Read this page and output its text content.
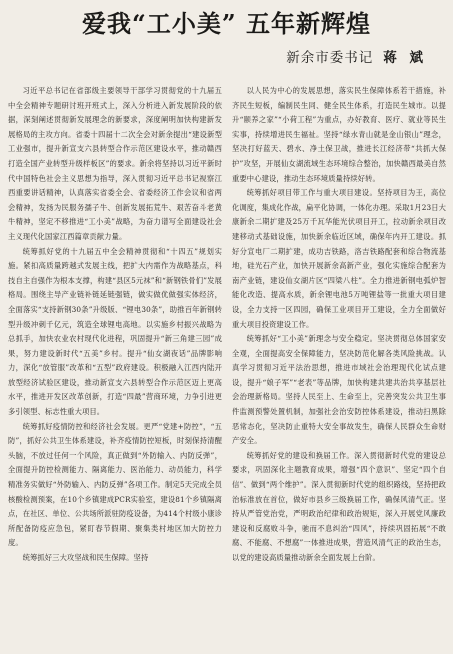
爱我“工小美” 五年新辉煌
新余市委书记 蒋 斌

习近平总书记在省部级主要领导干部学习贯彻党的十九届五中全会精神专题研讨班开班式上，深入分析进入新发展阶段的依据，深刻阐述贯彻新发展理念的新要求，深度阐明加快构建新发展格局的主攻方向。省委十四届十二次全会对新余提出“建设新型工业强市，提升新宣支六县转型合作示范区建设水平，推动赣西打造全国产业转型升级样板区”的要求。新余将坚持以习近平新时代中国特色社会主义思想为指导，深入贯彻习近平总书记视察江西重要讲话精神，认真落实省委全会、省委经济工作会议和省两会精神，发扬为民服务孺子牛、创新发展拓荒牛、艰苦奋斗老黄牛精神，坚定不移推进“工小美”战略，为奋力谱写全面建设社会主义现代化国家江西篇章贡献力量。

统筹抓好党的十九届五中全会精神贯彻和“十四五”规划实施。紧扣高质量跨越式发展主线，把扩大内需作为战略基点，科技自主自强作为根本支撑，构建“县区5元袜”和“新钢铁骨们”发展格局。围绕主导产业链补链延链强链，做实做优做强实体经济，全面落实“支持新钢30条”升级版、“锂电30条”，助推百年新钢转型升级冲刺千亿元，筑造全球锂电高地。以实施乡村振兴战略为总抓手，加快农业农村现代化进程，巩固提升“新三角建三园”成果，努力建设新时代“五美”乡村。提升“仙女湖夜话”品牌影响力，深化“放管服”改革和“五型”政府建设。积极融入江西内陆开放型经济试验区建设，推动新宣支六县转型合作示范区迈上更高水平，推进开发区改革创新，打造“四最”营商环境，力争引进更多引领型、标志性重大项目。

统筹抓好疫情防控和经济社会发展。更严“党建+防控”，“五防”，抓好公共卫生体系建设，补齐疫情防控短板，时刻保持清醒头脑，不放过任何一个风险，真正做到“外防输入、内防反弹”，全面提升防控检测能力、隔离能力、医治能力、动员能力，科学精准务实做好“外防输入、内防反弹”各项工作。制定5天完成全员核酸检测预案，在10个乡镇建成PCR实验室，建设81个乡镇隔离点，在社区、单位、公共场所派驻防疫设备，为414个村级小康诊所配备防疫应急包，紧盯春节假期、聚集类村地区加大防控力度。

统筹抓好三大攻坚战和民生保障。坚持

以人民为中心的发展思想，落实民生保障体系若干措施，补齐民生短板，编制民生同、健全民生体系，打造民生城市。以提升“颐养之家”“小荷工程”为重点，办好教育、医疗、就业等民生实事，持续增进民生福祉。坚持“绿水青山就是金山银山”理念，坚决打好蓝天、碧水、净土保卫战，推进长江经济带“共抓大保护”攻坚，开展仙女湖流域生态环境综合整治，加快赣西最美自然重要中心建设，推动生态环境质量持续好转。

统筹抓好项目带工作与重大项目建设。坚持项目为王，高位化调度，集成化作战，扁平化协调，一体化办理。采取1月23日大康新余二期扩建及25万千瓦华能光伏项目开工，拉动新余项目改建移动式基础设施，加快新余临近区域，确保年内开工建设。抓好分宣电厂二期扩建，成功吉铁路，洛吉铁路配套和综合物流基地，硅光石产业，加快开展新余高新产业，强化实施综合配套为南产业链，建设仙女湖片区“四梁八柱”。全力推进新钢电弧炉智能化改造、提高水质，新余锂电池5万吨锂盐等一批重大项目建设，全力支持一区四园，确保工业项目开工建设，全力全面做好重大项目投资建设工作。

统筹抓好“工小美”新理念与安全稳定。坚决贯彻总体国家安全观，全面提高安全保障能力，坚决防范化解各类风险挑战。认真学习贯彻习近平法治思想，推进市域社会治理现代化试点建设，提升“娘子军”“老表”等品牌，加快构建共建共治共享基层社会治理新格局。坚持人民至上、生命至上，完善突发公共卫生事件监测预警处置机制，加强社会治安防控体系建设，推动扫黑除恶常态化，坚决防止重特大安全事故发生，确保人民群众生命财产安全。

统筹抓好党的建设和换届工作。深入贯彻新时代党的建设总要求，巩固深化主题教育成果，增强“四个意识”、坚定“四个自信”、做到“两个维护”。深入贯彻新时代党的组织路线，坚持把政治标准放在首位，做好市县乡三级换届工作，确保风清气正。坚持从严管党治党，严明政治纪律和政治规矩，深入开展党风廉政建设和反腐败斗争，驰而不息纠治“四风”，持续巩固拓展“不敢腐、不能腐、不想腐”一体推进成果，营造风清气正的政治生态，以党的建设高质量推动新余全面发展上台阶。
